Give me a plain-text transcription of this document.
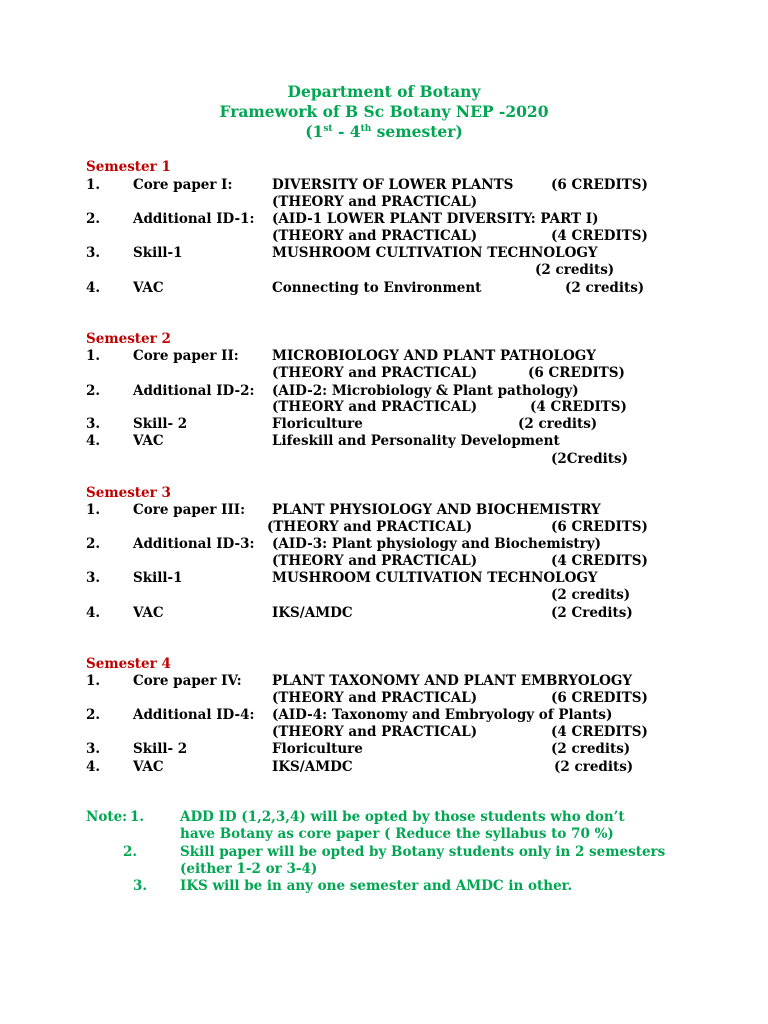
Department of Botany
Framework of B Sc Botany NEP -2020
(1st - 4th semester)
Semester 1
1. Core paper I:	DIVERSITY OF LOWER PLANTS	(6 CREDITS)
(THEORY and PRACTICAL)
2. Additional ID-1: (AID-1 LOWER PLANT DIVERSITY: PART I)
(THEORY and PRACTICAL)	(4 CREDITS)
3. Skill-1	MUSHROOM CULTIVATION TECHNOLOGY
(2 credits)
4. VAC	Connecting to Environment	(2 credits)
Semester 2
1. Core paper II: MICROBIOLOGY AND PLANT PATHOLOGY
(THEORY and PRACTICAL)	(6 CREDITS)
2. Additional ID-2: (AID-2: Microbiology & Plant pathology)
(THEORY and PRACTICAL)	(4 CREDITS)
3. Skill- 2	Floriculture	(2 credits)
4. VAC	Lifeskill and Personality Development
(2Credits)
Semester 3
1. Core paper III: PLANT PHYSIOLOGY AND BIOCHEMISTRY
(THEORY and PRACTICAL)	(6 CREDITS)
2. Additional ID-3: (AID-3: Plant physiology and Biochemistry)
(THEORY and PRACTICAL)	(4 CREDITS)
3. Skill-1	MUSHROOM CULTIVATION TECHNOLOGY
(2 credits)
4. VAC	IKS/AMDC	(2 Credits)
Semester 4
1. Core paper IV: PLANT TAXONOMY AND PLANT EMBRYOLOGY
(THEORY and PRACTICAL)	(6 CREDITS)
2. Additional ID-4: (AID-4: Taxonomy and Embryology of Plants)
(THEORY and PRACTICAL)	(4 CREDITS)
3. Skill- 2	Floriculture	(2 credits)
4. VAC	IKS/AMDC	(2 credits)
Note: 1.	ADD ID (1,2,3,4) will be opted by those students who don’t
have Botany as core paper ( Reduce the syllabus to 70 %)
2.	Skill paper will be opted by Botany students only in 2 semesters
(either 1-2 or 3-4)
3. IKS will be in any one semester and AMDC in other.
